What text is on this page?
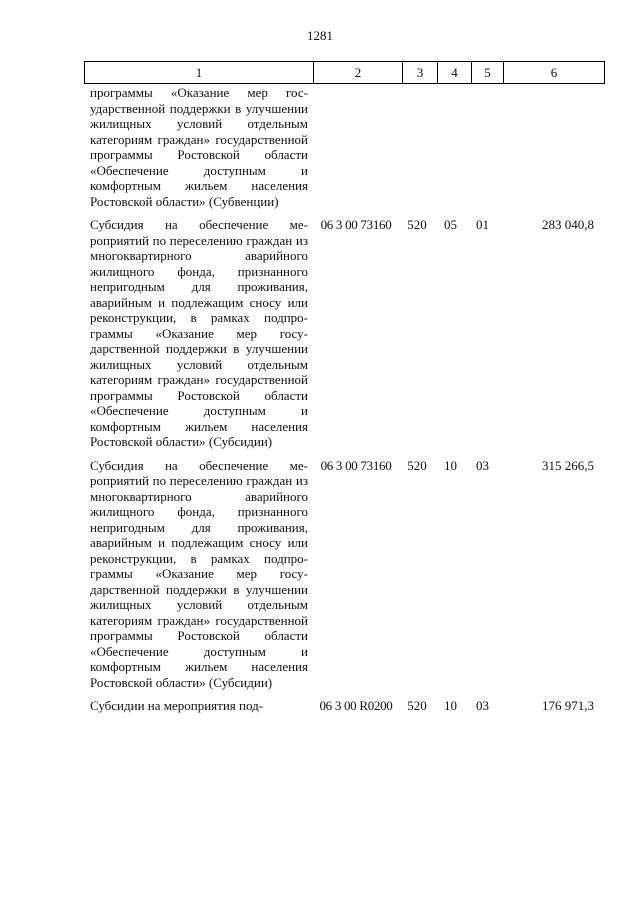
1281
1	2	3	4	5	6
программы «Оказание мер государственной поддержки в улучшении жилищных условий отдельным категориям граждан» государственной программы Ростовской области «Обеспечение доступным и комфортным жильем населения Ростовской области» (Субвенции)					
Субсидия на обеспечение мероприятий по переселению граждан из многоквартирного аварийного жилищного фонда, признанного непригодным для проживания, аварийным и подлежащим сносу или реконструкции, в рамках подпрограммы «Оказание мер государственной поддержки в улучшении жилищных условий отдельным категориям граждан» государственной программы Ростовской области «Обеспечение доступным и комфортным жильем населения Ростовской области» (Субсидии)	06 3 00 73160	520	05	01	283 040,8
Субсидия на обеспечение мероприятий по переселению граждан из многоквартирного аварийного жилищного фонда, признанного непригодным для проживания, аварийным и подлежащим сносу или реконструкции, в рамках подпрограммы «Оказание мер государственной поддержки в улучшении жилищных условий отдельным категориям граждан» государственной программы Ростовской области «Обеспечение доступным и комфортным жильем населения Ростовской области» (Субсидии)	06 3 00 73160	520	10	03	315 266,5
Субсидии на мероприятия под-	06 3 00 R0200	520	10	03	176 971,3
